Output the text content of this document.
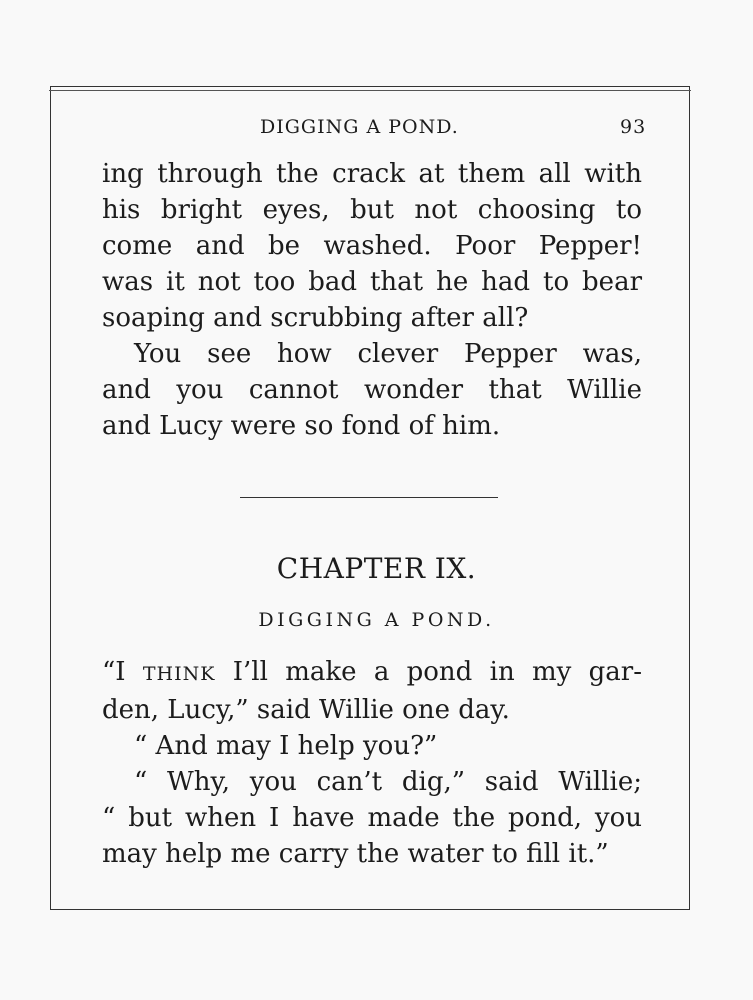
DIGGING A POND.	93
ing through the crack at them all with
his bright eyes, but not choosing to
come and be washed. Poor Pepper!
was it not too bad that he had to bear
soaping and scrubbing after all?
You see how clever Pepper was,
and you cannot wonder that Willie
and Lucy were so fond of him.
CHAPTER IX.
DIGGING A POND.
“I THINK I’ll make a pond in my gar-
den, Lucy,” said Willie one day.
“ And may I help you?”
“ Why, you can’t dig,” said Willie;
“ but when I have made the pond, you
may help me carry the water to fill it.”
